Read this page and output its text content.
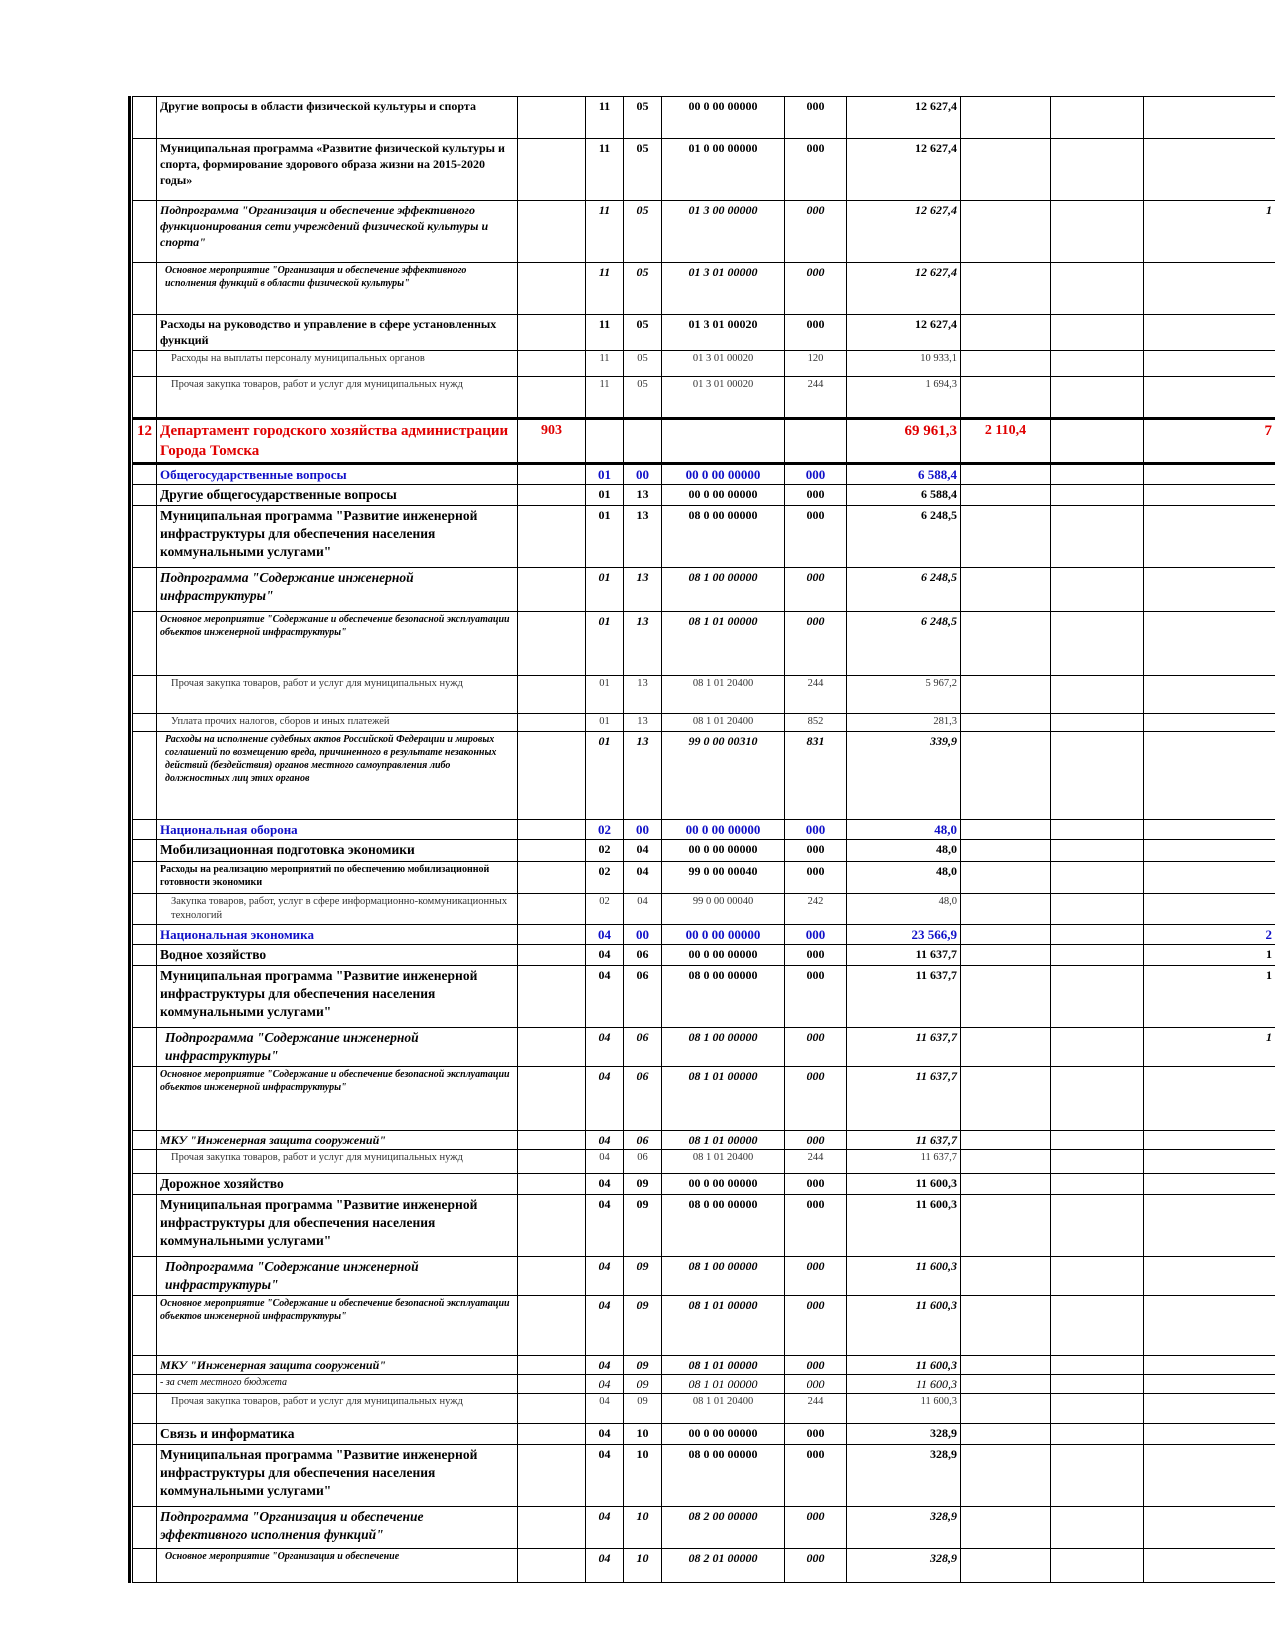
	Другие вопросы в области физической культуры и спорта		11	05	00 0 00 00000	000	12 627,4			
	Муниципальная программа «Развитие физической культуры и спорта, формирование здорового образа жизни на 2015-2020 годы»		11	05	01 0 00 00000	000	12 627,4			
	Подпрограмма "Организация и обеспечение эффективного функционирования сети учреждений физической культуры и спорта"		11	05	01 3 00 00000	000	12 627,4			1
	Основное мероприятие "Организация и обеспечение эффективного исполнения функций в области физической культуры"		11	05	01 3 01 00000	000	12 627,4			
	Расходы на руководство и управление в сфере установленных функций		11	05	01 3 01 00020	000	12 627,4			
	Расходы на выплаты персоналу муниципальных органов		11	05	01 3 01 00020	120	10 933,1			
	Прочая закупка товаров, работ и услуг для муниципальных нужд		11	05	01 3 01 00020	244	1 694,3			
12	Департамент городского хозяйства администрации Города Томска	903					69 961,3	2 110,4		7
	Общегосударственные вопросы		01	00	00 0 00 00000	000	6 588,4			
	Другие общегосударственные вопросы		01	13	00 0 00 00000	000	6 588,4			
	Муниципальная программа "Развитие инженерной инфраструктуры для обеспечения населения коммунальными услугами"		01	13	08 0 00 00000	000	6 248,5			
	Подпрограмма "Содержание инженерной инфраструктуры"		01	13	08 1 00 00000	000	6 248,5			
	Основное мероприятие "Содержание и обеспечение безопасной эксплуатации объектов инженерной инфраструктуры"		01	13	08 1 01 00000	000	6 248,5			
	Прочая закупка товаров, работ и услуг для муниципальных нужд		01	13	08 1 01 20400	244	5 967,2			
	Уплата прочих налогов, сборов и иных платежей		01	13	08 1 01 20400	852	281,3			
	Расходы на исполнение судебных актов Российской Федерации и мировых соглашений по возмещению вреда, причиненного в результате незаконных действий (бездействия) органов местного самоуправления либо должностных лиц этих органов		01	13	99 0 00 00310	831	339,9			
	Национальная оборона		02	00	00 0 00 00000	000	48,0			
	Мобилизационная подготовка экономики		02	04	00 0 00 00000	000	48,0			
	Расходы на реализацию мероприятий по обеспечению мобилизационной готовности экономики		02	04	99 0 00 00040	000	48,0			
	Закупка товаров, работ, услуг в сфере информационно-коммуникационных технологий		02	04	99 0 00 00040	242	48,0			
	Национальная экономика		04	00	00 0 00 00000	000	23 566,9			2
	Водное хозяйство		04	06	00 0 00 00000	000	11 637,7			1
	Муниципальная программа "Развитие инженерной инфраструктуры для обеспечения населения коммунальными услугами"		04	06	08 0 00 00000	000	11 637,7			1
	Подпрограмма "Содержание инженерной инфраструктуры"		04	06	08 1 00 00000	000	11 637,7			1
	Основное мероприятие "Содержание и обеспечение безопасной эксплуатации объектов инженерной инфраструктуры"		04	06	08 1 01 00000	000	11 637,7			
	МКУ "Инженерная защита сооружений"		04	06	08 1 01 00000	000	11 637,7			
	Прочая закупка товаров, работ и услуг для муниципальных нужд		04	06	08 1 01 20400	244	11 637,7			
	Дорожное хозяйство		04	09	00 0 00 00000	000	11 600,3			
	Муниципальная программа "Развитие инженерной инфраструктуры для обеспечения населения коммунальными услугами"		04	09	08 0 00 00000	000	11 600,3			
	Подпрограмма "Содержание инженерной инфраструктуры"		04	09	08 1 00 00000	000	11 600,3			
	Основное мероприятие "Содержание и обеспечение безопасной эксплуатации объектов инженерной инфраструктуры"		04	09	08 1 01 00000	000	11 600,3			
	МКУ "Инженерная защита сооружений"		04	09	08 1 01 00000	000	11 600,3			
	- за счет местного бюджета		04	09	08 1 01 00000	000	11 600,3			
	Прочая закупка товаров, работ и услуг для муниципальных нужд		04	09	08 1 01 20400	244	11 600,3			
	Связь и информатика		04	10	00 0 00 00000	000	328,9			
	Муниципальная программа "Развитие инженерной инфраструктуры для обеспечения населения коммунальными услугами"		04	10	08 0 00 00000	000	328,9			
	Подпрограмма "Организация и обеспечение эффективного исполнения функций"		04	10	08 2 00 00000	000	328,9			
	Основное мероприятие "Организация и обеспечение		04	10	08 2 01 00000	000	328,9			
